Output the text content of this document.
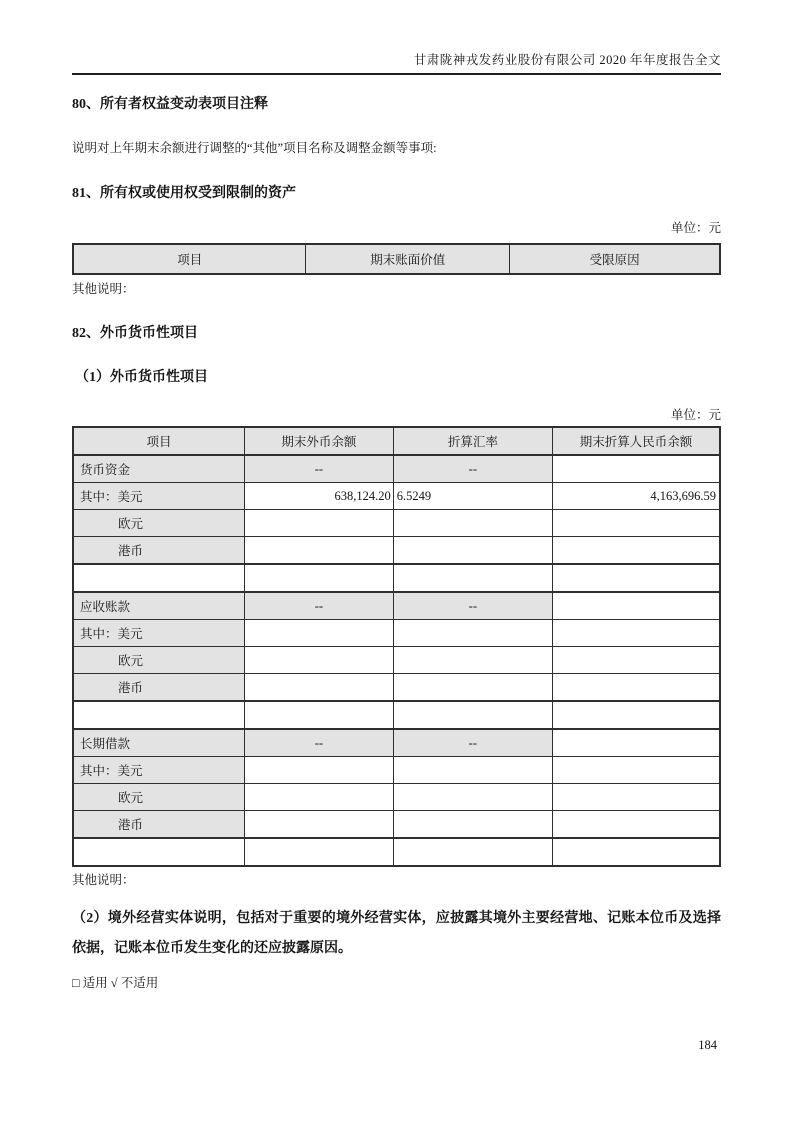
甘肃陇神戎发药业股份有限公司 2020 年年度报告全文
80、所有者权益变动表项目注释
说明对上年期末余额进行调整的“其他”项目名称及调整金额等事项:
81、所有权或使用权受到限制的资产
单位：元
项目	期末账面价值	受限原因
其他说明：
82、外币货币性项目
（1）外币货币性项目
单位：元
项目	期末外币余额	折算汇率	期末折算人民币余额
货币资金	--	--	
其中：美元	638,124.20	6.5249	4,163,696.59
欧元			
港币			

应收账款	--	--	
其中：美元			
欧元			
港币			

长期借款	--	--	
其中：美元			
欧元			
港币			

其他说明：
（2）境外经营实体说明，包括对于重要的境外经营实体，应披露其境外主要经营地、记账本位币及选择依据，记账本位币发生变化的还应披露原因。
□ 适用 √ 不适用
184
